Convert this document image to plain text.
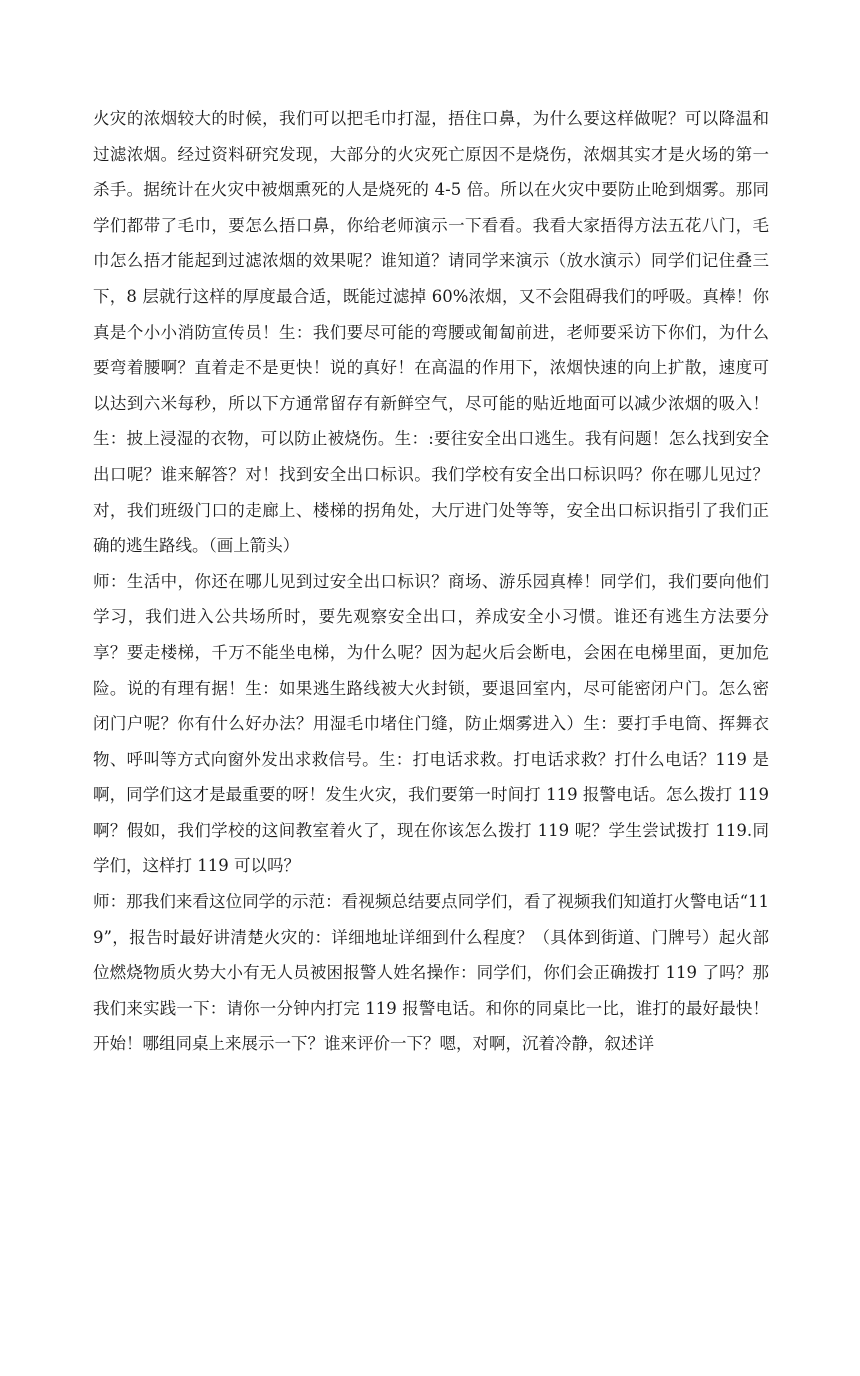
火灾的浓烟较大的时候，我们可以把毛巾打湿，捂住口鼻，为什么要这样做呢？可以降温和过滤浓烟。经过资料研究发现，大部分的火灾死亡原因不是烧伤，浓烟其实才是火场的第一杀手。据统计在火灾中被烟熏死的人是烧死的 4-5 倍。所以在火灾中要防止呛到烟雾。那同学们都带了毛巾，要怎么捂口鼻，你给老师演示一下看看。我看大家捂得方法五花八门，毛巾怎么捂才能起到过滤浓烟的效果呢？谁知道？请同学来演示（放水演示）同学们记住叠三下，8 层就行这样的厚度最合适，既能过滤掉 60%浓烟，又不会阻碍我们的呼吸。真棒！你真是个小小消防宣传员！生：我们要尽可能的弯腰或匍匐前进，老师要采访下你们，为什么要弯着腰啊？直着走不是更快！说的真好！在高温的作用下，浓烟快速的向上扩散，速度可以达到六米每秒，所以下方通常留存有新鲜空气，尽可能的贴近地面可以减少浓烟的吸入！生：披上浸湿的衣物，可以防止被烧伤。生：:要往安全出口逃生。我有问题！怎么找到安全出口呢？谁来解答？对！找到安全出口标识。我们学校有安全出口标识吗？你在哪儿见过？对，我们班级门口的走廊上、楼梯的拐角处，大厅进门处等等，安全出口标识指引了我们正确的逃生路线。（画上箭头）

师：生活中，你还在哪儿见到过安全出口标识？商场、游乐园真棒！同学们，我们要向他们学习，我们进入公共场所时，要先观察安全出口，养成安全小习惯。谁还有逃生方法要分享？要走楼梯，千万不能坐电梯，为什么呢？因为起火后会断电，会困在电梯里面，更加危险。说的有理有据！生：如果逃生路线被大火封锁，要退回室内，尽可能密闭户门。怎么密闭门户呢？你有什么好办法？用湿毛巾堵住门缝，防止烟雾进入）生：要打手电筒、挥舞衣物、呼叫等方式向窗外发出求救信号。生：打电话求救。打电话求救？打什么电话？119 是啊，同学们这才是最重要的呀！发生火灾，我们要第一时间打 119 报警电话。怎么拨打 119 啊？假如，我们学校的这间教室着火了，现在你该怎么拨打 119 呢？学生尝试拨打 119.同学们，这样打 119 可以吗？

师：那我们来看这位同学的示范：看视频总结要点同学们，看了视频我们知道打火警电话“119”，报告时最好讲清楚火灾的：详细地址详细到什么程度？（具体到街道、门牌号）起火部位燃烧物质火势大小有无人员被困报警人姓名操作：同学们，你们会正确拨打 119 了吗？那我们来实践一下：请你一分钟内打完 119 报警电话。和你的同桌比一比，谁打的最好最快！开始！哪组同桌上来展示一下？谁来评价一下？嗯，对啊，沉着冷静，叙述详
